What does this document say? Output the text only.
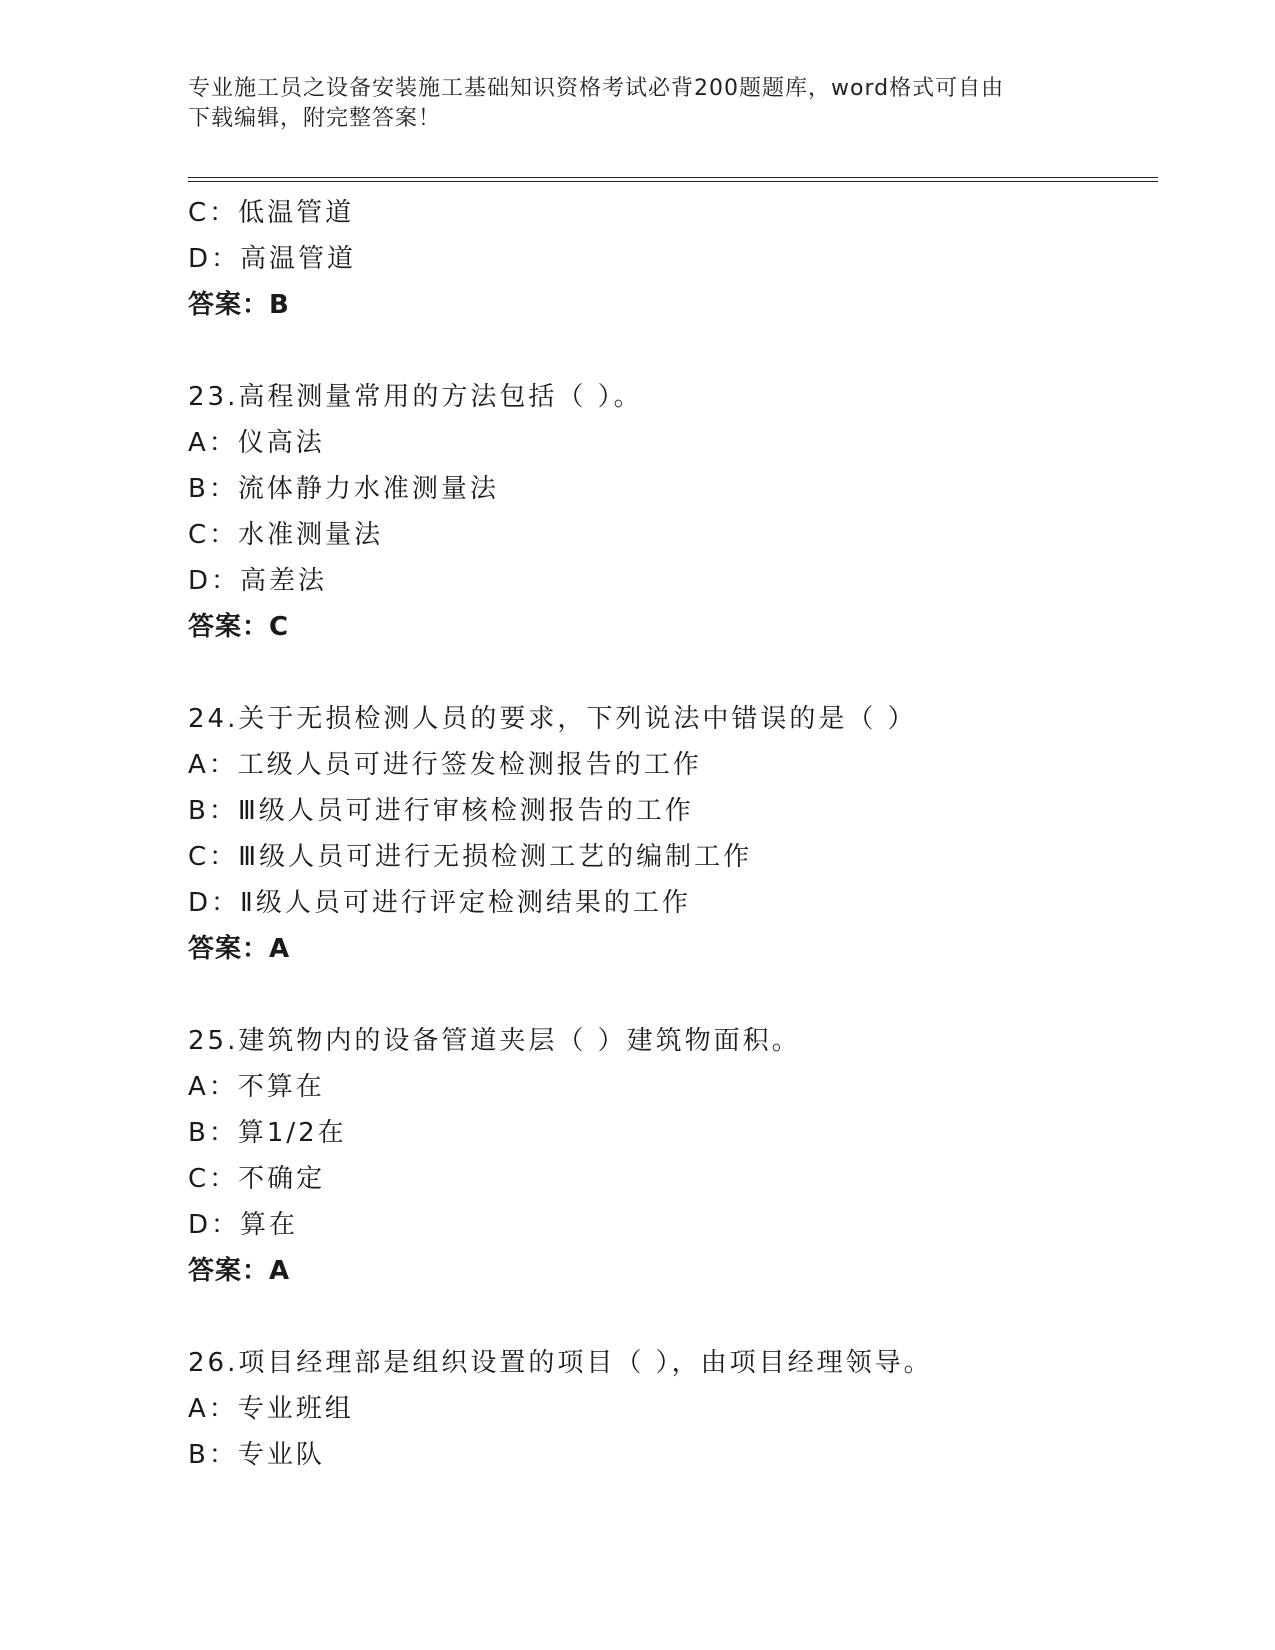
专业施工员之设备安装施工基础知识资格考试必背200题题库，word格式可自由
下载编辑，附完整答案！
C：低温管道
D：高温管道
答案：B
23.高程测量常用的方法包括（ ）。
A：仪高法
B：流体静力水准测量法
C：水准测量法
D：高差法
答案：C
24.关于无损检测人员的要求，下列说法中错误的是（ ）
A：工级人员可进行签发检测报告的工作
B：Ⅲ级人员可进行审核检测报告的工作
C：Ⅲ级人员可进行无损检测工艺的编制工作
D：Ⅱ级人员可进行评定检测结果的工作
答案：A
25.建筑物内的设备管道夹层（ ）建筑物面积。
A：不算在
B：算1/2在
C：不确定
D：算在
答案：A
26.项目经理部是组织设置的项目（ ），由项目经理领导。
A：专业班组
B：专业队
